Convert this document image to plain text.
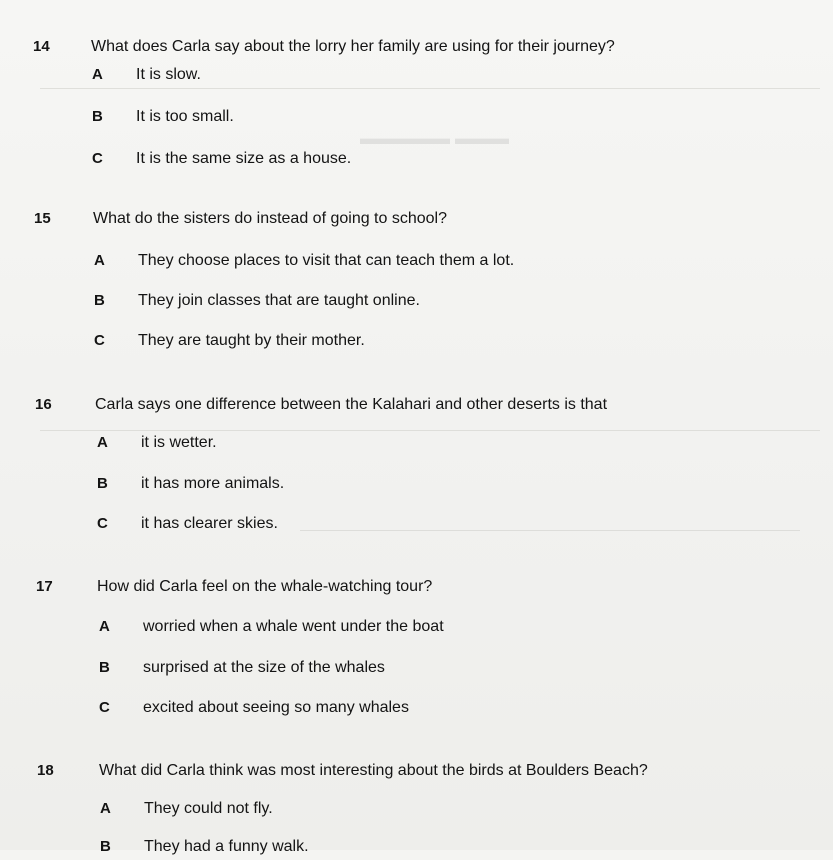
▬▬▬ ▬▬▬▬▬
14	What does Carla say about the lorry her family are using for their journey?
A It is slow.
B It is too small.
C It is the same size as a house.
15	What do the sisters do instead of going to school?
A They choose places to visit that can teach them a lot.
B They join classes that are taught online.
C They are taught by their mother.
16	Carla says one difference between the Kalahari and other deserts is that
A it is wetter.
B it has more animals.
C it has clearer skies.
17	How did Carla feel on the whale-watching tour?
A worried when a whale went under the boat
B surprised at the size of the whales
C excited about seeing so many whales
18	What did Carla think was most interesting about the birds at Boulders Beach?
A They could not fly.
B They had a funny walk.
